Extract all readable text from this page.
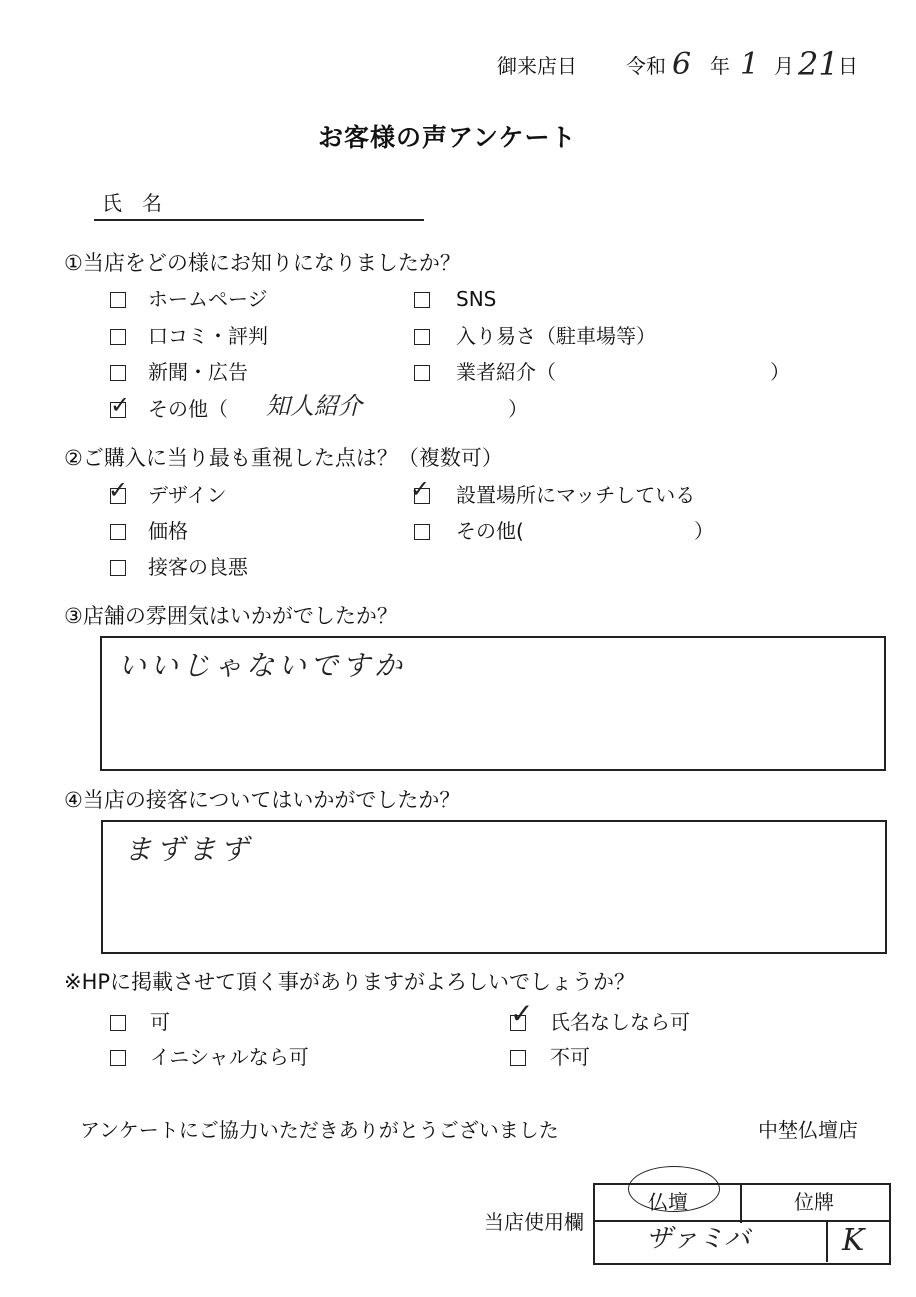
御来店日 令和 6 年 1 月 21 日
お客様の声アンケート
氏　名
①当店をどの様にお知りになりましたか？
ホームページ	SNS
口コミ・評判	入り易さ（駐車場等）
新聞・広告	業者紹介（	）
✓ その他（ 知人紹介	）
②ご購入に当り最も重視した点は？（複数可）
✓ デザイン	✓ 設置場所にマッチしている
価格	その他(	）
接客の良悪
③店舗の雰囲気はいかがでしたか？
いいじゃないですか
④当店の接客についてはいかがでしたか？
まずまず
※HPに掲載させて頂く事がありますがよろしいでしょうか？
可	✓ 氏名なしなら可
イニシャルなら可	不可
アンケートにご協力いただきありがとうございました	中埜仏壇店
当店使用欄
仏壇	位牌
ザァミバ	K
